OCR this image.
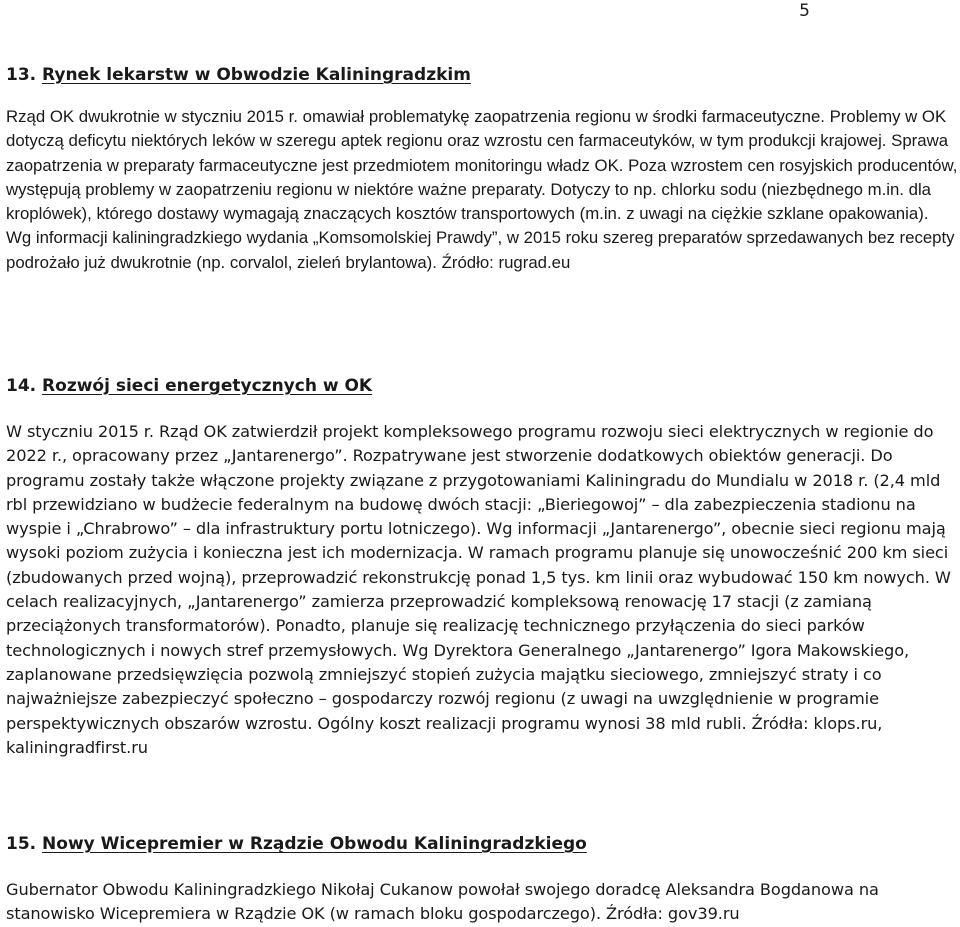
5
13. Rynek lekarstw w Obwodzie Kaliningradzkim

Rząd OK dwukrotnie w styczniu 2015 r. omawiał problematykę zaopatrzenia regionu w środki farmaceutyczne. Problemy w OK dotyczą deficytu niektórych leków w szeregu aptek regionu oraz wzrostu cen farmaceutyków, w tym produkcji krajowej. Sprawa zaopatrzenia w preparaty farmaceutyczne jest przedmiotem monitoringu władz OK. Poza wzrostem cen rosyjskich producentów, występują problemy w zaopatrzeniu regionu w niektóre ważne preparaty. Dotyczy to np. chlorku sodu (niezbędnego m.in. dla kroplówek), którego dostawy wymagają znaczących kosztów transportowych (m.in. z uwagi na ciężkie szklane opakowania). Wg informacji kaliningradzkiego wydania „Komsomolskiej Prawdy”, w 2015 roku szereg preparatów sprzedawanych bez recepty podrożało już dwukrotnie (np. corvalol, zieleń brylantowa). Źródło: rugrad.eu

14. Rozwój sieci energetycznych w OK

W styczniu 2015 r. Rząd OK zatwierdził projekt kompleksowego programu rozwoju sieci elektrycznych w regionie do 2022 r., opracowany przez „Jantarenergo”. Rozpatrywane jest stworzenie dodatkowych obiektów generacji. Do programu zostały także włączone projekty związane z przygotowaniami Kaliningradu do Mundialu w 2018 r. (2,4 mld rbl przewidziano w budżecie federalnym na budowę dwóch stacji: „Bieriegowoj” – dla zabezpieczenia stadionu na wyspie i „Chrabrowo” – dla infrastruktury portu lotniczego). Wg informacji „Jantarenergo”, obecnie sieci regionu mają wysoki poziom zużycia i konieczna jest ich modernizacja. W ramach programu planuje się unowocześnić 200 km sieci (zbudowanych przed wojną), przeprowadzić rekonstrukcję ponad 1,5 tys. km linii oraz wybudować 150 km nowych. W celach realizacyjnych, „Jantarenergo” zamierza przeprowadzić kompleksową renowację 17 stacji (z zamianą przeciążonych transformatorów). Ponadto, planuje się realizację technicznego przyłączenia do sieci parków technologicznych i nowych stref przemysłowych. Wg Dyrektora Generalnego „Jantarenergo” Igora Makowskiego, zaplanowane przedsięwzięcia pozwolą zmniejszyć stopień zużycia majątku sieciowego, zmniejszyć straty i co najważniejsze zabezpieczyć społeczno – gospodarczy rozwój regionu (z uwagi na uwzględnienie w programie perspektywicznych obszarów wzrostu. Ogólny koszt realizacji programu wynosi 38 mld rubli. Źródła: klops.ru, kaliningradfirst.ru

15. Nowy Wicepremier w Rządzie Obwodu Kaliningradzkiego

Gubernator Obwodu Kaliningradzkiego Nikołaj Cukanow powołał swojego doradcę Aleksandra Bogdanowa na stanowisko Wicepremiera w Rządzie OK (w ramach bloku gospodarczego). Źródła: gov39.ru
